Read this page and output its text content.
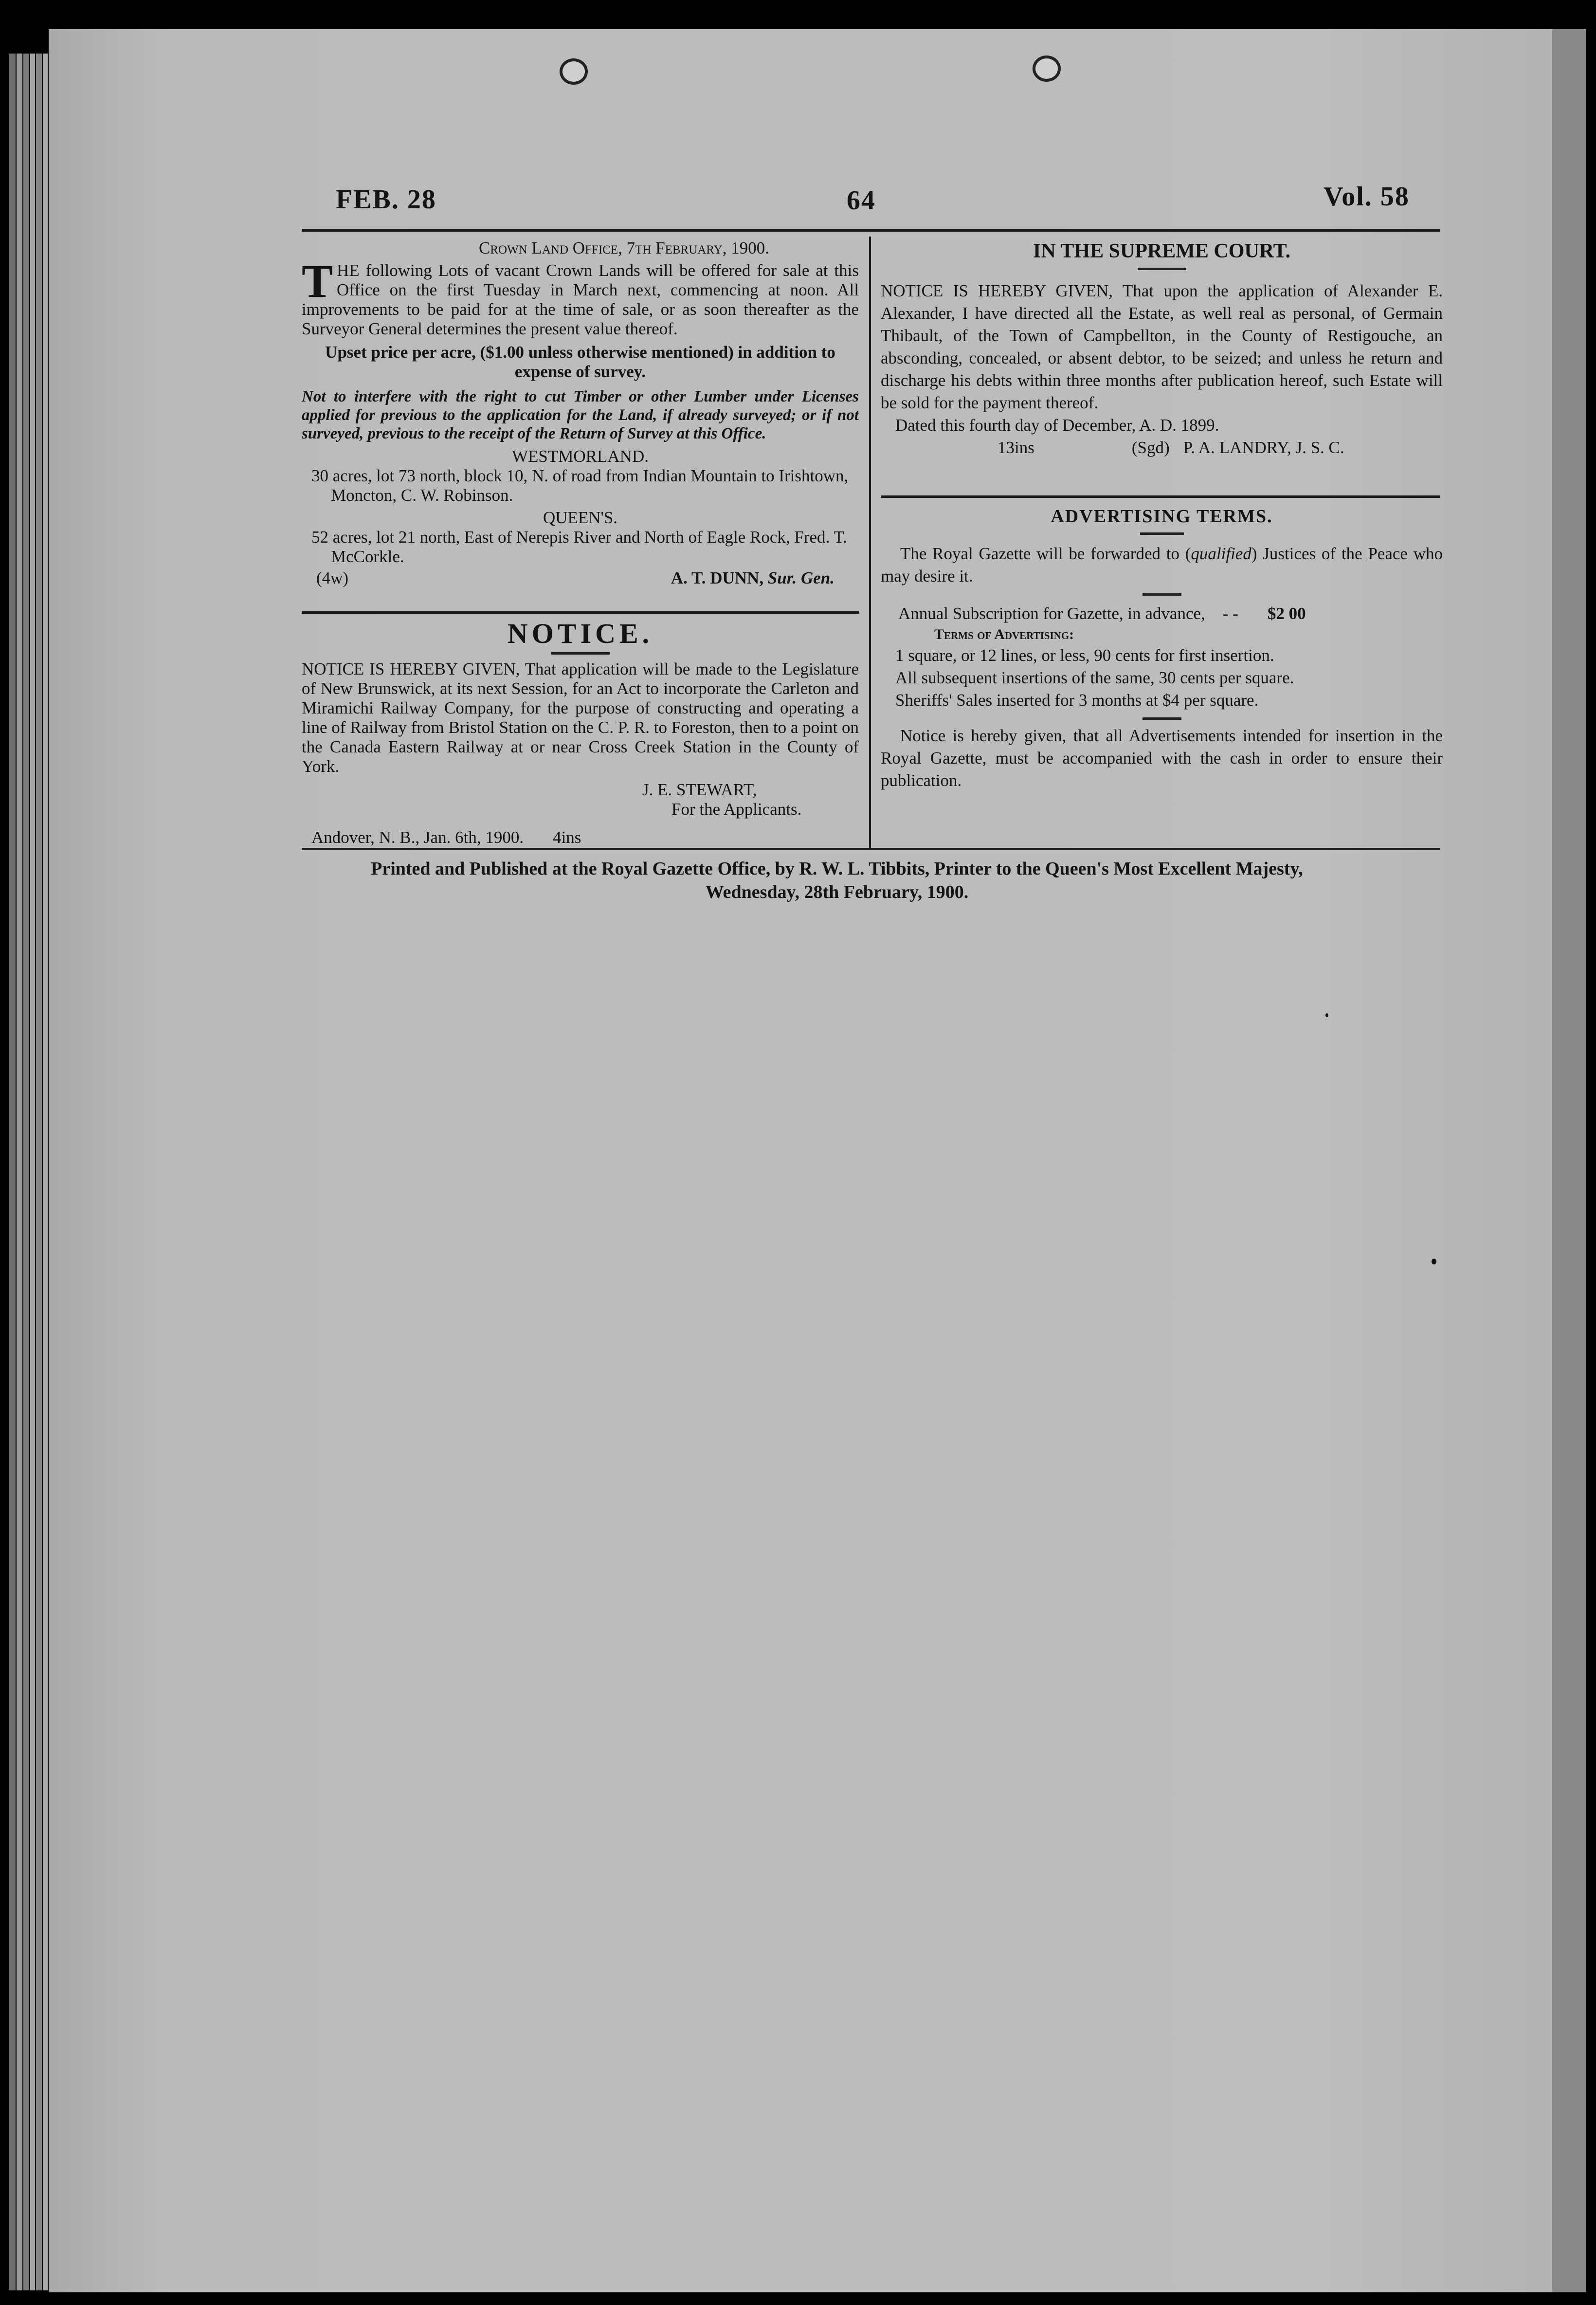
FEB. 28	64	Vol. 58

Crown Land Office, 7th February, 1900.

THE following Lots of vacant Crown Lands will be offered for sale at this Office on the first Tuesday in March next, commencing at noon. All improvements to be paid for at the time of sale, or as soon thereafter as the Surveyor General determines the present value thereof.

Upset price per acre, ($1.00 unless otherwise mentioned) in addition to expense of survey.

Not to interfere with the right to cut Timber or other Lumber under Licenses applied for previous to the application for the Land, if already surveyed; or if not surveyed, previous to the receipt of the Return of Survey at this Office.

WESTMORLAND.

30 acres, lot 73 north, block 10, N. of road from Indian Mountain to Irishtown, Moncton, C. W. Robinson.

QUEEN'S.

52 acres, lot 21 north, East of Nerepis River and North of Eagle Rock, Fred. T. McCorkle.

(4w)	A. T. DUNN, Sur. Gen.

NOTICE.

NOTICE IS HEREBY GIVEN, That application will be made to the Legislature of New Brunswick, at its next Session, for an Act to incorporate the Carleton and Miramichi Railway Company, for the purpose of constructing and operating a line of Railway from Bristol Station on the C. P. R. to Foreston, then to a point on the Canada Eastern Railway at or near Cross Creek Station in the County of York.

J. E. STEWART,

For the Applicants.

Andover, N. B., Jan. 6th, 1900.	4ins

IN THE SUPREME COURT.

NOTICE IS HEREBY GIVEN, That upon the application of Alexander E. Alexander, I have directed all the Estate, as well real as personal, of Germain Thibault, of the Town of Campbellton, in the County of Restigouche, an absconding, concealed, or absent debtor, to be seized; and unless he return and discharge his debts within three months after publication hereof, such Estate will be sold for the payment thereof.

Dated this fourth day of December, A. D. 1899.

13ins	(Sgd) P. A. LANDRY, J. S. C.

ADVERTISING TERMS.

The Royal Gazette will be forwarded to (qualified) Justices of the Peace who may desire it.

Annual Subscription for Gazette, in advance,	- -	$2 00

Terms of Advertising:

1 square, or 12 lines, or less, 90 cents for first insertion.

All subsequent insertions of the same, 30 cents per square.

Sheriffs' Sales inserted for 3 months at $4 per square.

Notice is hereby given, that all Advertisements intended for insertion in the Royal Gazette, must be accompanied with the cash in order to ensure their publication.

Printed and Published at the Royal Gazette Office, by R. W. L. Tibbits, Printer to the Queen's Most Excellent Majesty,
Wednesday, 28th February, 1900.
